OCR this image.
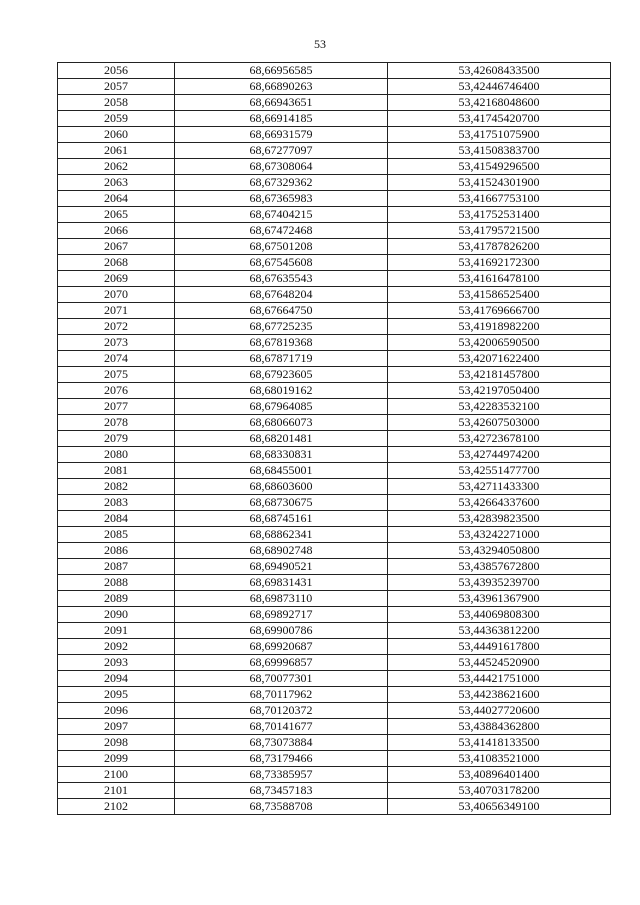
53
2056	68,66956585	53,42608433500
2057	68,66890263	53,42446746400
2058	68,66943651	53,42168048600
2059	68,66914185	53,41745420700
2060	68,66931579	53,41751075900
2061	68,67277097	53,41508383700
2062	68,67308064	53,41549296500
2063	68,67329362	53,41524301900
2064	68,67365983	53,41667753100
2065	68,67404215	53,41752531400
2066	68,67472468	53,41795721500
2067	68,67501208	53,41787826200
2068	68,67545608	53,41692172300
2069	68,67635543	53,41616478100
2070	68,67648204	53,41586525400
2071	68,67664750	53,41769666700
2072	68,67725235	53,41918982200
2073	68,67819368	53,42006590500
2074	68,67871719	53,42071622400
2075	68,67923605	53,42181457800
2076	68,68019162	53,42197050400
2077	68,67964085	53,42283532100
2078	68,68066073	53,42607503000
2079	68,68201481	53,42723678100
2080	68,68330831	53,42744974200
2081	68,68455001	53,42551477700
2082	68,68603600	53,42711433300
2083	68,68730675	53,42664337600
2084	68,68745161	53,42839823500
2085	68,68862341	53,43242271000
2086	68,68902748	53,43294050800
2087	68,69490521	53,43857672800
2088	68,69831431	53,43935239700
2089	68,69873110	53,43961367900
2090	68,69892717	53,44069808300
2091	68,69900786	53,44363812200
2092	68,69920687	53,44491617800
2093	68,69996857	53,44524520900
2094	68,70077301	53,44421751000
2095	68,70117962	53,44238621600
2096	68,70120372	53,44027720600
2097	68,70141677	53,43884362800
2098	68,73073884	53,41418133500
2099	68,73179466	53,41083521000
2100	68,73385957	53,40896401400
2101	68,73457183	53,40703178200
2102	68,73588708	53,40656349100
